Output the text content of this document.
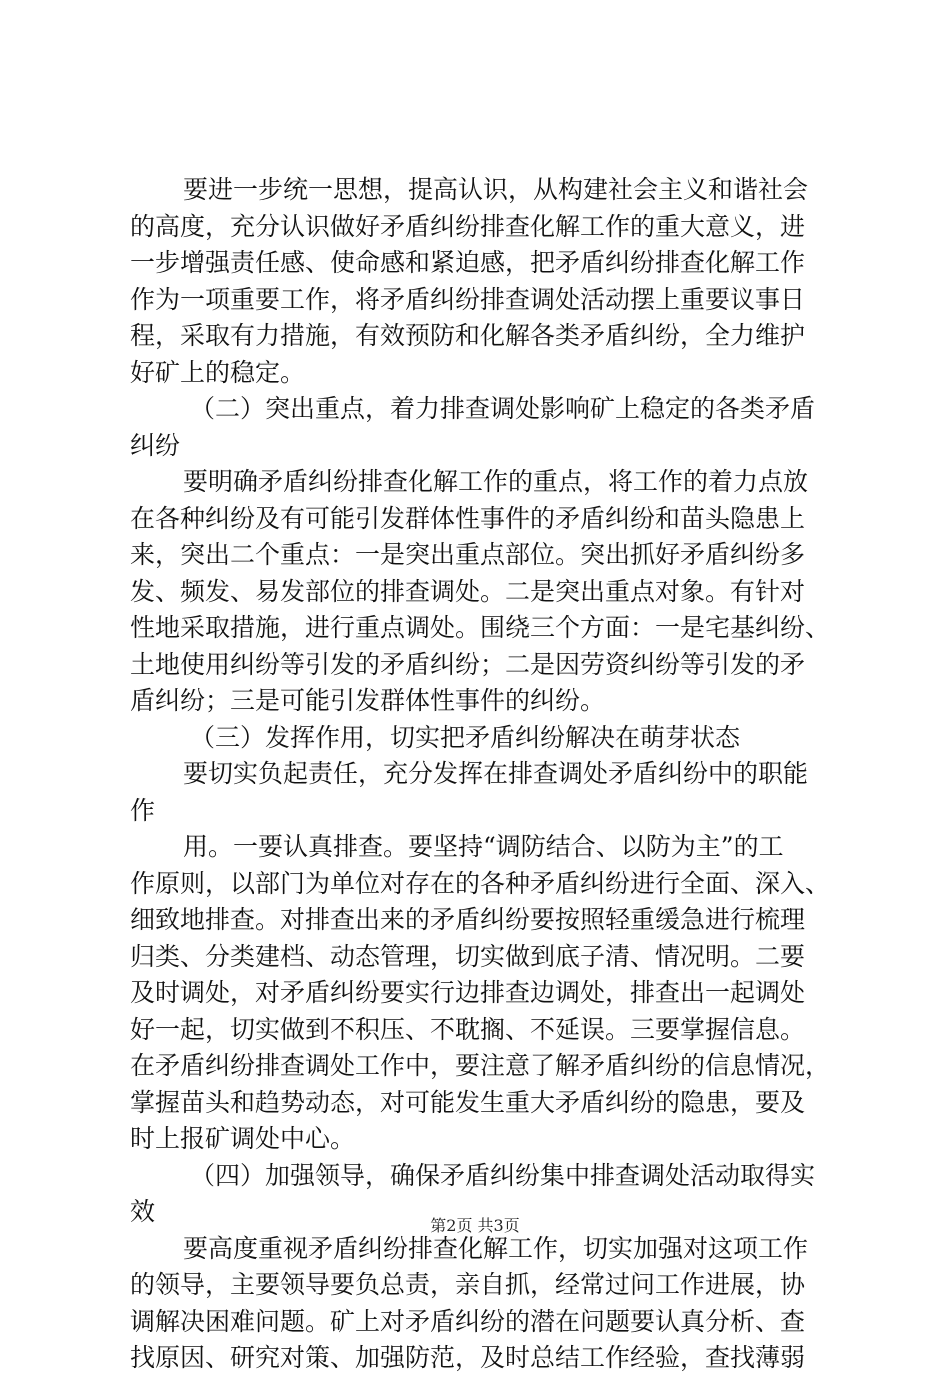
要进一步统一思想，提高认识，从构建社会主义和谐社会
的高度，充分认识做好矛盾纠纷排查化解工作的重大意义，进
一步增强责任感、使命感和紧迫感，把矛盾纠纷排查化解工作
作为一项重要工作，将矛盾纠纷排查调处活动摆上重要议事日
程，采取有力措施，有效预防和化解各类矛盾纠纷，全力维护
好矿上的稳定。
（二）突出重点，着力排查调处影响矿上稳定的各类矛盾
纠纷
要明确矛盾纠纷排查化解工作的重点，将工作的着力点放
在各种纠纷及有可能引发群体性事件的矛盾纠纷和苗头隐患上
来，突出二个重点：一是突出重点部位。突出抓好矛盾纠纷多
发、频发、易发部位的排查调处。二是突出重点对象。有针对
性地采取措施，进行重点调处。围绕三个方面：一是宅基纠纷、
土地使用纠纷等引发的矛盾纠纷；二是因劳资纠纷等引发的矛
盾纠纷；三是可能引发群体性事件的纠纷。
（三）发挥作用，切实把矛盾纠纷解决在萌芽状态
要切实负起责任，充分发挥在排查调处矛盾纠纷中的职能
作
用。一要认真排查。要坚持“调防结合、以防为主”的工
作原则，以部门为单位对存在的各种矛盾纠纷进行全面、深入、
细致地排查。对排查出来的矛盾纠纷要按照轻重缓急进行梳理
归类、分类建档、动态管理，切实做到底子清、情况明。二要
及时调处，对矛盾纠纷要实行边排查边调处，排查出一起调处
好一起，切实做到不积压、不耽搁、不延误。三要掌握信息。
在矛盾纠纷排查调处工作中，要注意了解矛盾纠纷的信息情况，
掌握苗头和趋势动态，对可能发生重大矛盾纠纷的隐患，要及
时上报矿调处中心。
（四）加强领导，确保矛盾纠纷集中排查调处活动取得实
效
要高度重视矛盾纠纷排查化解工作，切实加强对这项工作
的领导，主要领导要负总责，亲自抓，经常过问工作进展，协
调解决困难问题。矿上对矛盾纠纷的潜在问题要认真分析、查
找原因、研究对策、加强防范，及时总结工作经验，查找薄弱
第2页 共3页
